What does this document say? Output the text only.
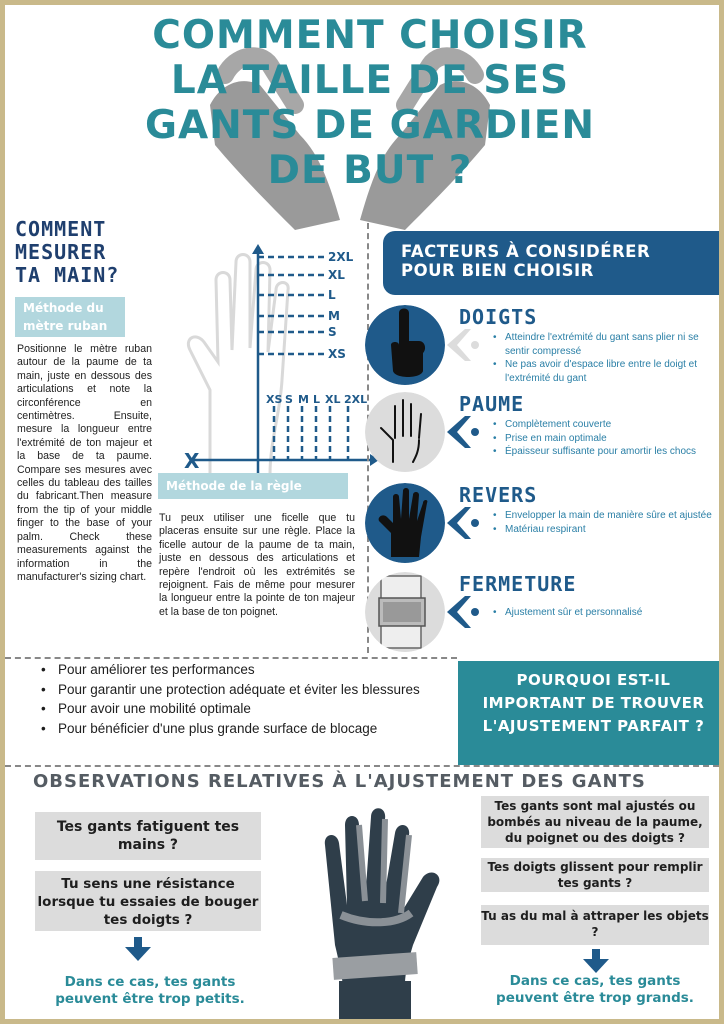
COMMENT CHOISIR
LA TAILLE DE SES
GANTS DE GARDIEN
DE BUT ?
COMMENT
MESURER
TA MAIN?
Méthode du mètre ruban

Positionne le mètre ruban autour de la paume de ta main, juste en dessous des articulations et note la circonférence en centimètres. Ensuite, mesure la longueur entre l'extrémité de ton majeur et la base de ta paume. Compare ses mesures avec celles du tableau des tailles du fabricant.Then measure from the tip of your middle finger to the base of your palm. Check these measurements against the information in the manufacturer's sizing chart.

2XL
XL
L
M
S
XS
XS S M L XL 2XL
X
Méthode de la règle

Tu peux utiliser une ficelle que tu placeras ensuite sur une règle. Place la ficelle autour de la paume de ta main, juste en dessous des articulations et repère l'endroit où les extrémités se rejoignent. Fais de même pour mesurer la longueur entre la pointe de ton majeur et la base de ton poignet.

FACTEURS À CONSIDÉRER
POUR BIEN CHOISIR
DOIGTS
• Atteindre l'extrémité du gant sans plier ni se sentir compressé
• Ne pas avoir d'espace libre entre le doigt et l'extrémité du gant
PAUME
• Complètement couverte
• Prise en main optimale
• Épaisseur suffisante pour amortir les chocs
REVERS
• Envelopper la main de manière sûre et ajustée
• Matériau respirant
FERMETURE
• Ajustement sûr et personnalisé
• Pour améliorer tes performances
• Pour garantir une protection adéquate et éviter les blessures
• Pour avoir une mobilité optimale
• Pour bénéficier d'une plus grande surface de blocage
POURQUOI EST-IL
IMPORTANT DE TROUVER
L'AJUSTEMENT PARFAIT ?
OBSERVATIONS RELATIVES À L'AJUSTEMENT DES GANTS
Tes gants fatiguent tes mains ?
Tu sens une résistance lorsque tu essaies de bouger tes doigts ?
Dans ce cas, tes gants peuvent être trop petits.
Tes gants sont mal ajustés ou bombés au niveau de la paume, du poignet ou des doigts ?
Tes doigts glissent pour remplir tes gants ?
Tu as du mal à attraper les objets ?
Dans ce cas, tes gants peuvent être trop grands.
